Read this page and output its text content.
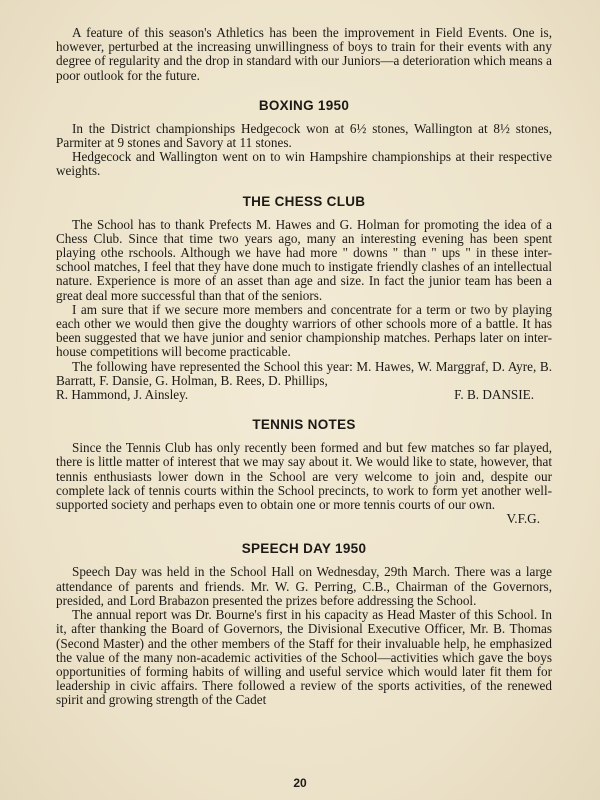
A feature of this season's Athletics has been the improvement in Field Events. One is, however, perturbed at the increasing unwillingness of boys to train for their events with any degree of regularity and the drop in standard with our Juniors—a deterioration which means a poor outlook for the future.

BOXING 1950

In the District championships Hedgecock won at 6½ stones, Wallington at 8½ stones, Parmiter at 9 stones and Savory at 11 stones.

Hedgecock and Wallington went on to win Hampshire championships at their respective weights.

THE CHESS CLUB

The School has to thank Prefects M. Hawes and G. Holman for promoting the idea of a Chess Club. Since that time two years ago, many an interesting evening has been spent playing othe rschools. Although we have had more " downs " than " ups " in these inter-school matches, I feel that they have done much to instigate friendly clashes of an intellectual nature. Experience is more of an asset than age and size. In fact the junior team has been a great deal more successful than that of the seniors.

I am sure that if we secure more members and concentrate for a term or two by playing each other we would then give the doughty warriors of other schools more of a battle. It has been suggested that we have junior and senior championship matches. Perhaps later on inter-house competitions will become practicable.

The following have represented the School this year: M. Hawes, W. Marggraf, D. Ayre, B. Barratt, F. Dansie, G. Holman, B. Rees, D. Phillips,

R. Hammond, J. Ainsley.	F. B. DANSIE.
TENNIS NOTES

Since the Tennis Club has only recently been formed and but few matches so far played, there is little matter of interest that we may say about it. We would like to state, however, that tennis enthusiasts lower down in the School are very welcome to join and, despite our complete lack of tennis courts within the School precincts, to work to form yet another well-supported society and perhaps even to obtain one or more tennis courts of our own.

V.F.G.
SPEECH DAY 1950

Speech Day was held in the School Hall on Wednesday, 29th March. There was a large attendance of parents and friends. Mr. W. G. Perring, C.B., Chairman of the Governors, presided, and Lord Brabazon presented the prizes before addressing the School.

The annual report was Dr. Bourne's first in his capacity as Head Master of this School. In it, after thanking the Board of Governors, the Divisional Executive Officer, Mr. B. Thomas (Second Master) and the other members of the Staff for their invaluable help, he emphasized the value of the many non-academic activities of the School—activities which gave the boys opportunities of forming habits of willing and useful service which would later fit them for leadership in civic affairs. There followed a review of the sports activities, of the renewed spirit and growing strength of the Cadet

20
